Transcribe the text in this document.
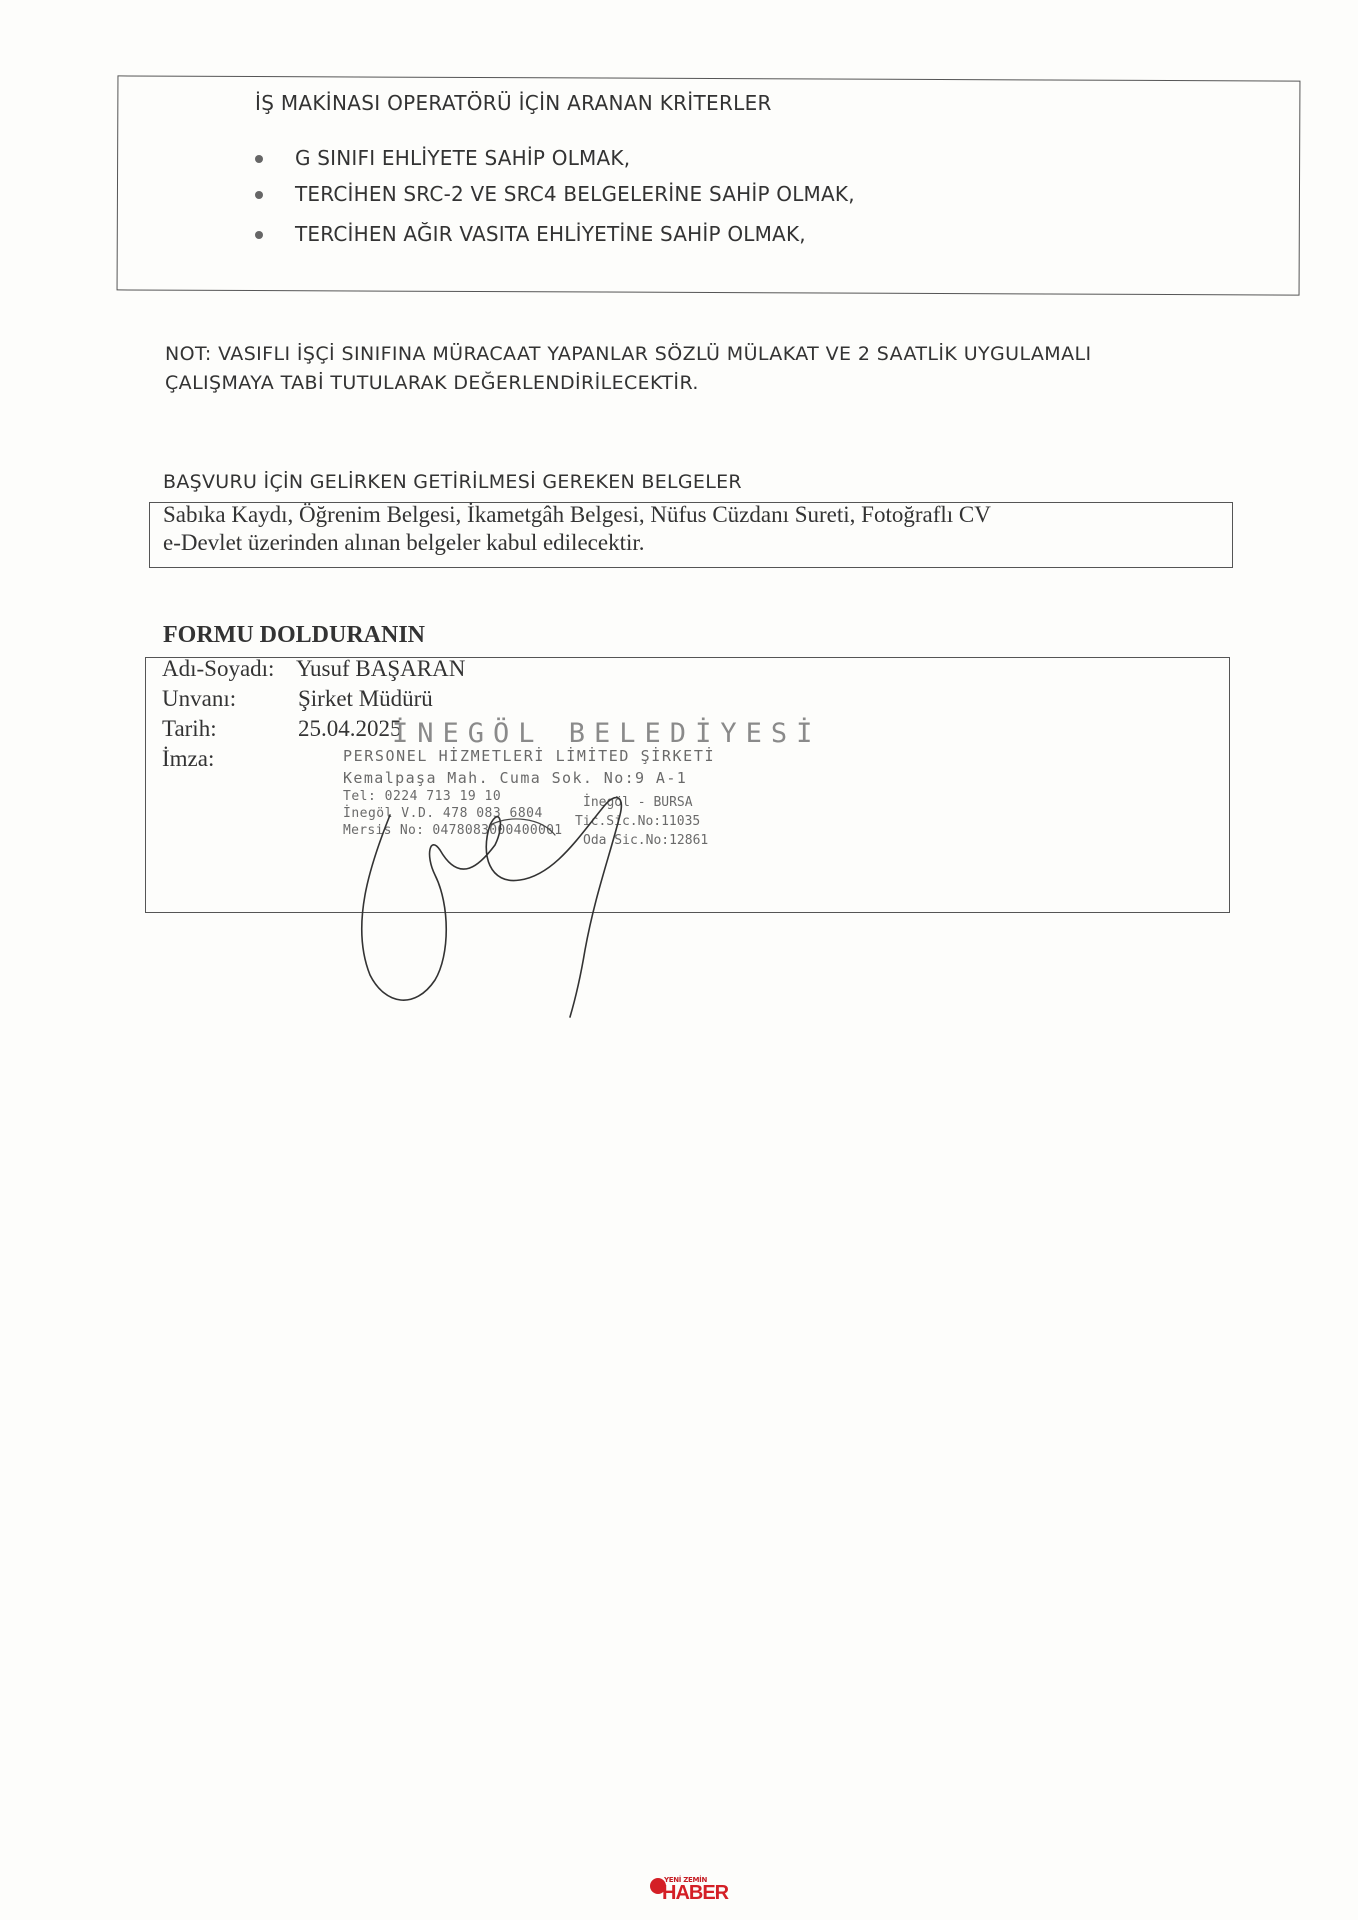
İŞ MAKİNASI OPERATÖRÜ İÇİN ARANAN KRİTERLER
G SINIFI EHLİYETE SAHİP OLMAK,
TERCİHEN SRC-2 VE SRC4 BELGELERİNE SAHİP OLMAK,
TERCİHEN AĞIR VASITA EHLİYETİNE SAHİP OLMAK,
NOT: VASIFLI İŞÇİ SINIFINA MÜRACAAT YAPANLAR SÖZLÜ MÜLAKAT VE 2 SAATLİK UYGULAMALI
ÇALIŞMAYA TABİ TUTULARAK DEĞERLENDİRİLECEKTİR.
BAŞVURU İÇİN GELİRKEN GETİRİLMESİ GEREKEN BELGELER
Sabıka Kaydı, Öğrenim Belgesi, İkametgâh Belgesi, Nüfus Cüzdanı Sureti, Fotoğraflı CV
e-Devlet üzerinden alınan belgeler kabul edilecektir.
FORMU DOLDURANIN
Adı-Soyadı: Yusuf BAŞARAN
Unvanı:	Şirket Müdürü
Tarih:	25.04.2025
İmza:
İNEGÖL BELEDİYESİ
PERSONEL HİZMETLERİ LİMİTED ŞİRKETİ
Kemalpaşa Mah. Cuma Sok. No:9 A-1
Tel: 0224 713 19 10	İnegöl - BURSA
İnegöl V.D. 478 083 6804
Tic.Sic.No:11035
Mersis No: 0478083000400001
Oda Sic.No:12861
YENİ ZEMİN
HABER
